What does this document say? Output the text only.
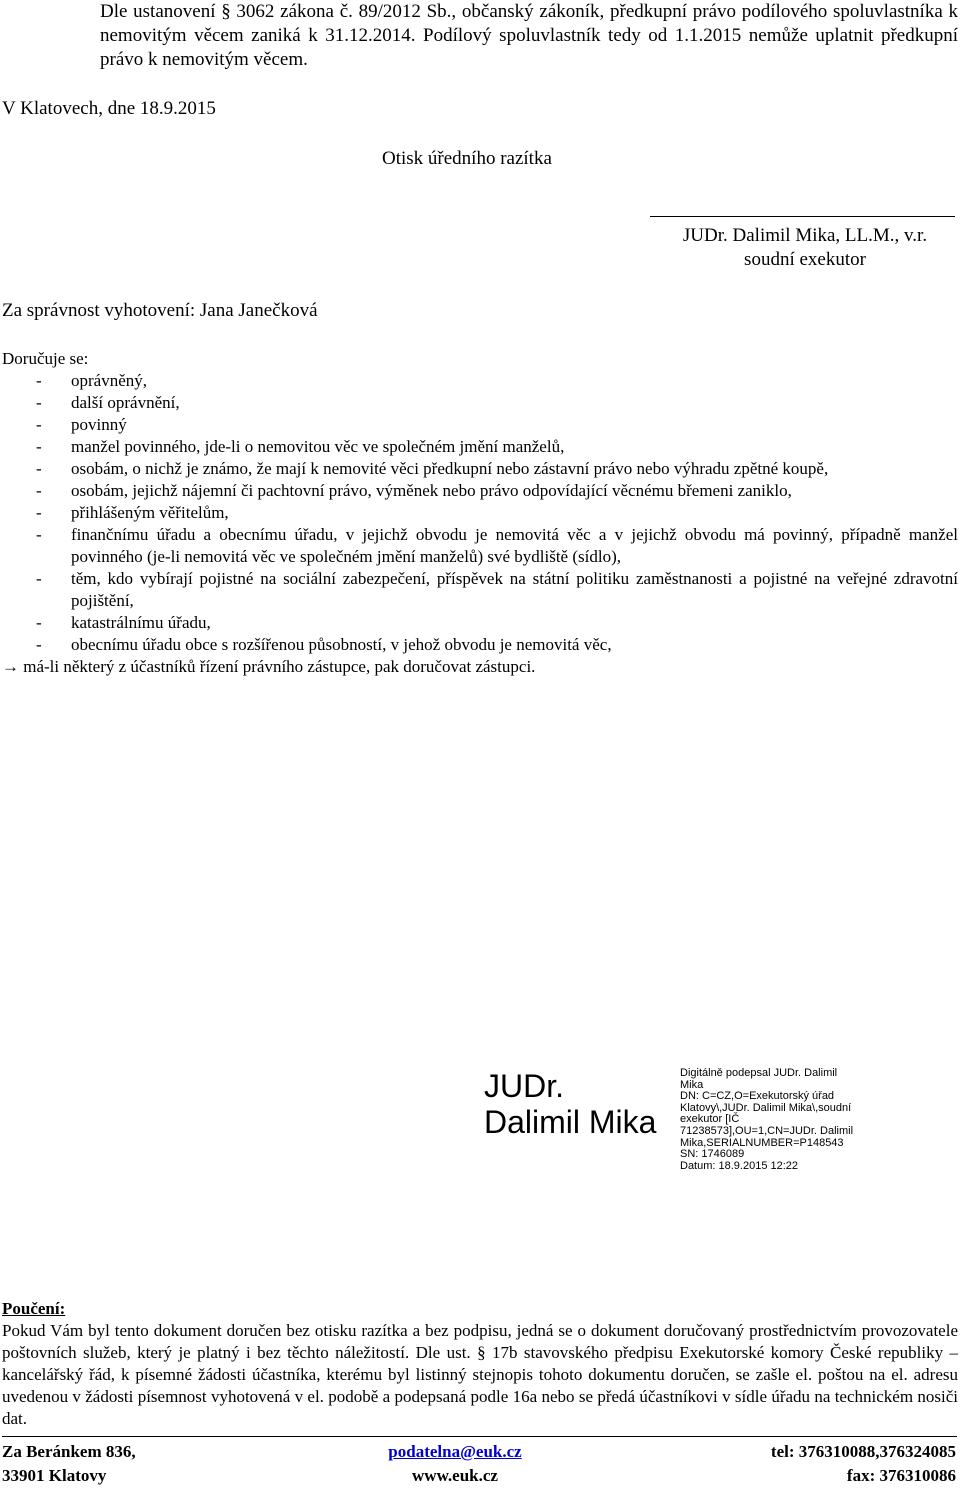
Dle ustanovení § 3062 zákona č. 89/2012 Sb., občanský zákoník, předkupní právo podílového spoluvlastníka k nemovitým věcem zaniká k 31.12.2014. Podílový spoluvlastník tedy od 1.1.2015 nemůže uplatnit předkupní právo k nemovitým věcem.

V Klatovech, dne 18.9.2015
Otisk úředního razítka
JUDr. Dalimil Mika, LL.M., v.r.
soudní exekutor
Za správnost vyhotovení: Jana Janečková

Doručuje se:

- oprávněný,
- další oprávnění,
- povinný
- manžel povinného, jde-li o nemovitou věc ve společném jmění manželů,
- osobám, o nichž je známo, že mají k nemovité věci předkupní nebo zástavní právo nebo výhradu zpětné koupě,
- osobám, jejichž nájemní či pachtovní právo, výměnek nebo právo odpovídající věcnému břemeni zaniklo,
- přihlášeným věřitelům,
- finančnímu úřadu a obecnímu úřadu, v jejichž obvodu je nemovitá věc a v jejichž obvodu má povinný, případně manžel povinného (je-li nemovitá věc ve společném jmění manželů) své bydliště (sídlo),
- těm, kdo vybírají pojistné na sociální zabezpečení, příspěvek na státní politiku zaměstnanosti a pojistné na veřejné zdravotní pojištění,
- katastrálnímu úřadu,
- obecnímu úřadu obce s rozšířenou působností, v jehož obvodu je nemovitá věc,

→ má-li některý z účastníků řízení právního zástupce, pak doručovat zástupci.

JUDr.
Dalimil Mika
Digitálně podepsal JUDr. Dalimil
Mika
DN: C=CZ,O=Exekutorský úřad
Klatovy\,JUDr. Dalimil Mika\,soudní
exekutor [IČ
71238573],OU=1,CN=JUDr. Dalimil
Mika,SERIALNUMBER=P148543
SN: 1746089
Datum: 18.9.2015 12:22

Poučení:

Pokud Vám byl tento dokument doručen bez otisku razítka a bez podpisu, jedná se o dokument doručovaný prostřednictvím provozovatele poštovních služeb, který je platný i bez těchto náležitostí. Dle ust. § 17b stavovského předpisu Exekutorské komory České republiky – kancelářský řád, k písemné žádosti účastníka, kterému byl listinný stejnopis tohoto dokumentu doručen, se zašle el. poštou na el. adresu uvedenou v žádosti písemnost vyhotovená v el. podobě a podepsaná podle 16a nebo se předá účastníkovi v sídle úřadu na technickém nosiči dat.

Za Beránkem 836,
33901 Klatovy
podatelna@euk.cz
www.euk.cz
tel: 376310088,376324085
fax: 376310086
